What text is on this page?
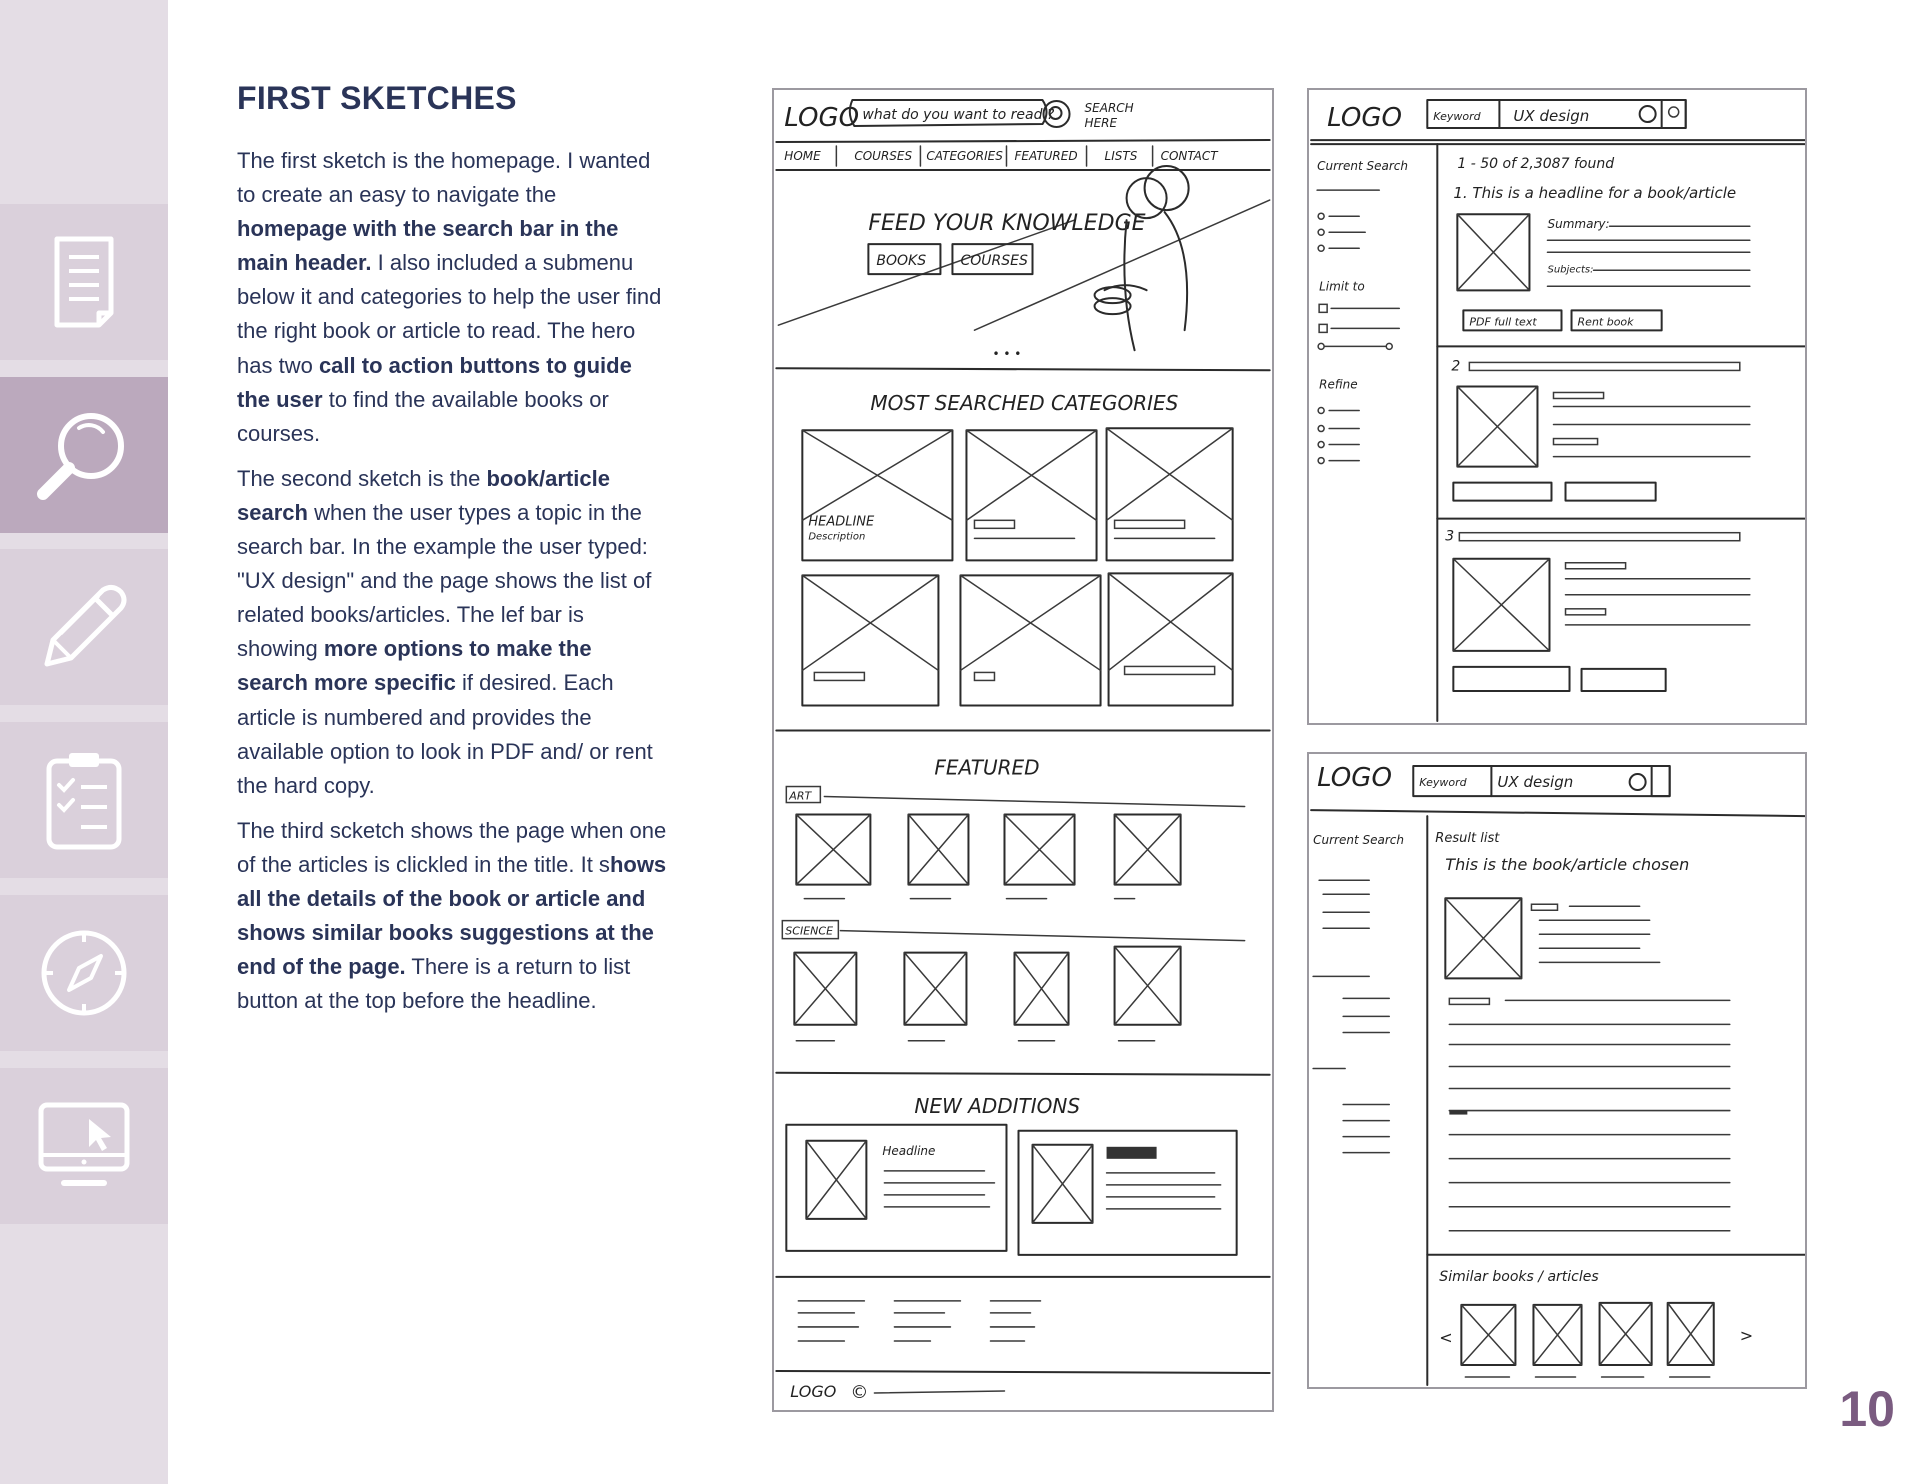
FIRST SKETCHES

The first sketch is the homepage. I wanted to create an easy to navigate the homepage with the search bar in the main header. I also included a submenu below it and categories to help the user find the right book or article to read. The hero has two call to action buttons to guide the user to find the available books or courses.

The second sketch is the book/article search when the user types a topic in the search bar. In the example the user typed: "UX design" and the page shows the list of related books/articles. The lef bar is showing more options to make the search more specific if desired. Each article is numbered and provides the available option to look in PDF and/ or rent the hard copy.

The third scketch shows the page when one of the articles is clickled in the title. It shows all the details of the book or article and shows similar books suggestions at the end of the page. There is a return to list button at the top before the headline.

LOGO what do you want to read ?	SEARCH
HERE
HOME	COURSES CATEGORIES FEATURED LISTS CONTACT
FEED YOUR KNOWLEDGE
BOOKS COURSES
• • •
MOST SEARCHED CATEGORIES
HEADLINE
Description
FEATURED
ART
SCIENCE
NEW ADDITIONS
Headline
LOGO ©
LOGO	Keyword UX design
Current Search
Limit to
Refine
1 - 50 of 2,3087 found
1. This is a headline for a book/article
Summary:
Subjects:
PDF full text	Rent book
2
3
LOGO Keyword UX design
Current Search Result list
This is the book/article chosen
Similar books / articles
<	>
10
